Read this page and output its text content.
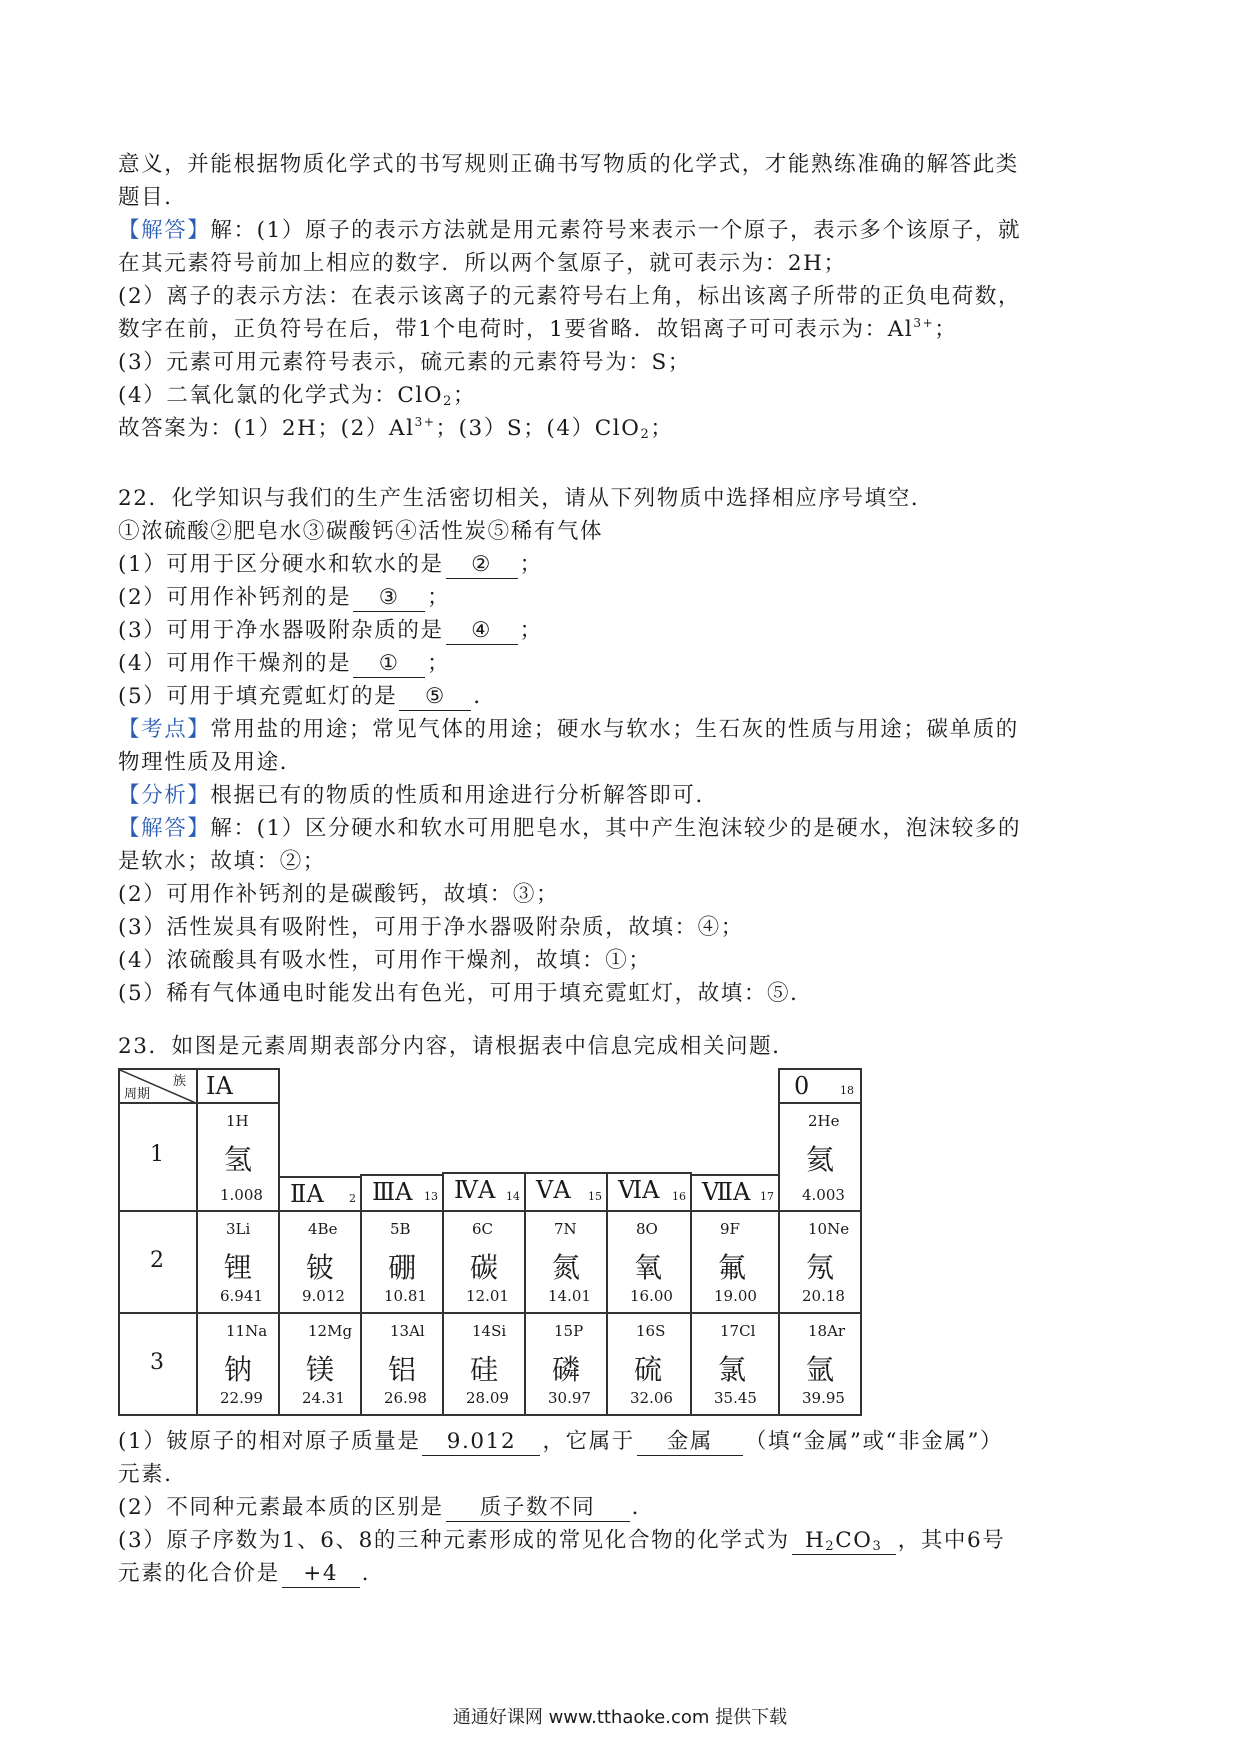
意义，并能根据物质化学式的书写规则正确书写物质的化学式，才能熟练准确的解答此类
题目．
【解答】解：(1）原子的表示方法就是用元素符号来表示一个原子，表示多个该原子，就
在其元素符号前加上相应的数字．所以两个氢原子，就可表示为：2H；
(2）离子的表示方法：在表示该离子的元素符号右上角，标出该离子所带的正负电荷数，
数字在前，正负符号在后，带1个电荷时，1要省略．故铝离子可可表示为：$Al^{3+}$；
(3）元素可用元素符号表示，硫元素的元素符号为：S；
(4）二氧化氯的化学式为：ClO$_2$；
故答案为：(1）2H；$(2)Al^{3+}$；(3）S；(4）ClO$_2$；
22．化学知识与我们的生产生活密切相关，请从下列物质中选择相应序号填空．
①浓硫酸②肥皂水③碳酸钙④活性炭⑤稀有气体
(1）可用于区分硬水和软水的是 ② ；
(2）可用作补钙剂的是 ③ ；
(3）可用于净水器吸附杂质的是 ④ ；
(4）可用作干燥剂的是 ① ；
(5）可用于填充霓虹灯的是 ⑤ ．
【考点】常用盐的用途；常见气体的用途；硬水与软水；生石灰的性质与用途；碳单质的
物理性质及用途．
【分析】根据已有的物质的性质和用途进行分析解答即可．
【解答】解：(1）区分硬水和软水可用肥皂水，其中产生泡沫较少的是硬水，泡沫较多的
是软水；故填：②；
(2）可用作补钙剂的是碳酸钙，故填：③；
(3）活性炭具有吸附性，可用于净水器吸附杂质，故填：④；
(4）浓硫酸具有吸水性，可用作干燥剂，故填：①；
(5）稀有气体通电时能发出有色光，可用于填充霓虹灯，故填：⑤．
23．如图是元素周期表部分内容，请根据表中信息完成相关问题．
族
周期 ⅠA	0	18
1
2
3
1H
氢
1.008
2He
氦
4.003
ⅡA 2 ⅢA 13 ⅣA 14 ⅤA 15 ⅥA 16 ⅦA 17
3Li
锂
6.941
4Be
铍
9.012
5B
硼
10.81
6C
碳
12.01
7N
氮
14.01
8O
氧
16.00
9F
氟
19.00
10Ne
氖
20.18
11Na
钠
22.99
12Mg
镁
24.31
13Al
铝
26.98
14Si
硅
28.09
15P
磷
30.97
16S
硫
32.06
17Cl
氯
35.45
18Ar
氩
39.95
(1）铍原子的相对原子质量是 9.012 ，它属于 金属 （填“金属”或“非金属”）
元素．
(2）不同种元素最本质的区别是 质子数不同 ．
(3）原子序数为1、6、8的三种元素形成的常见化合物的化学式为 $H_2CO_3$ ，其中6号
元素的化合价是 +4 ．
通通好课网 www.tthaoke.com 提供下载
